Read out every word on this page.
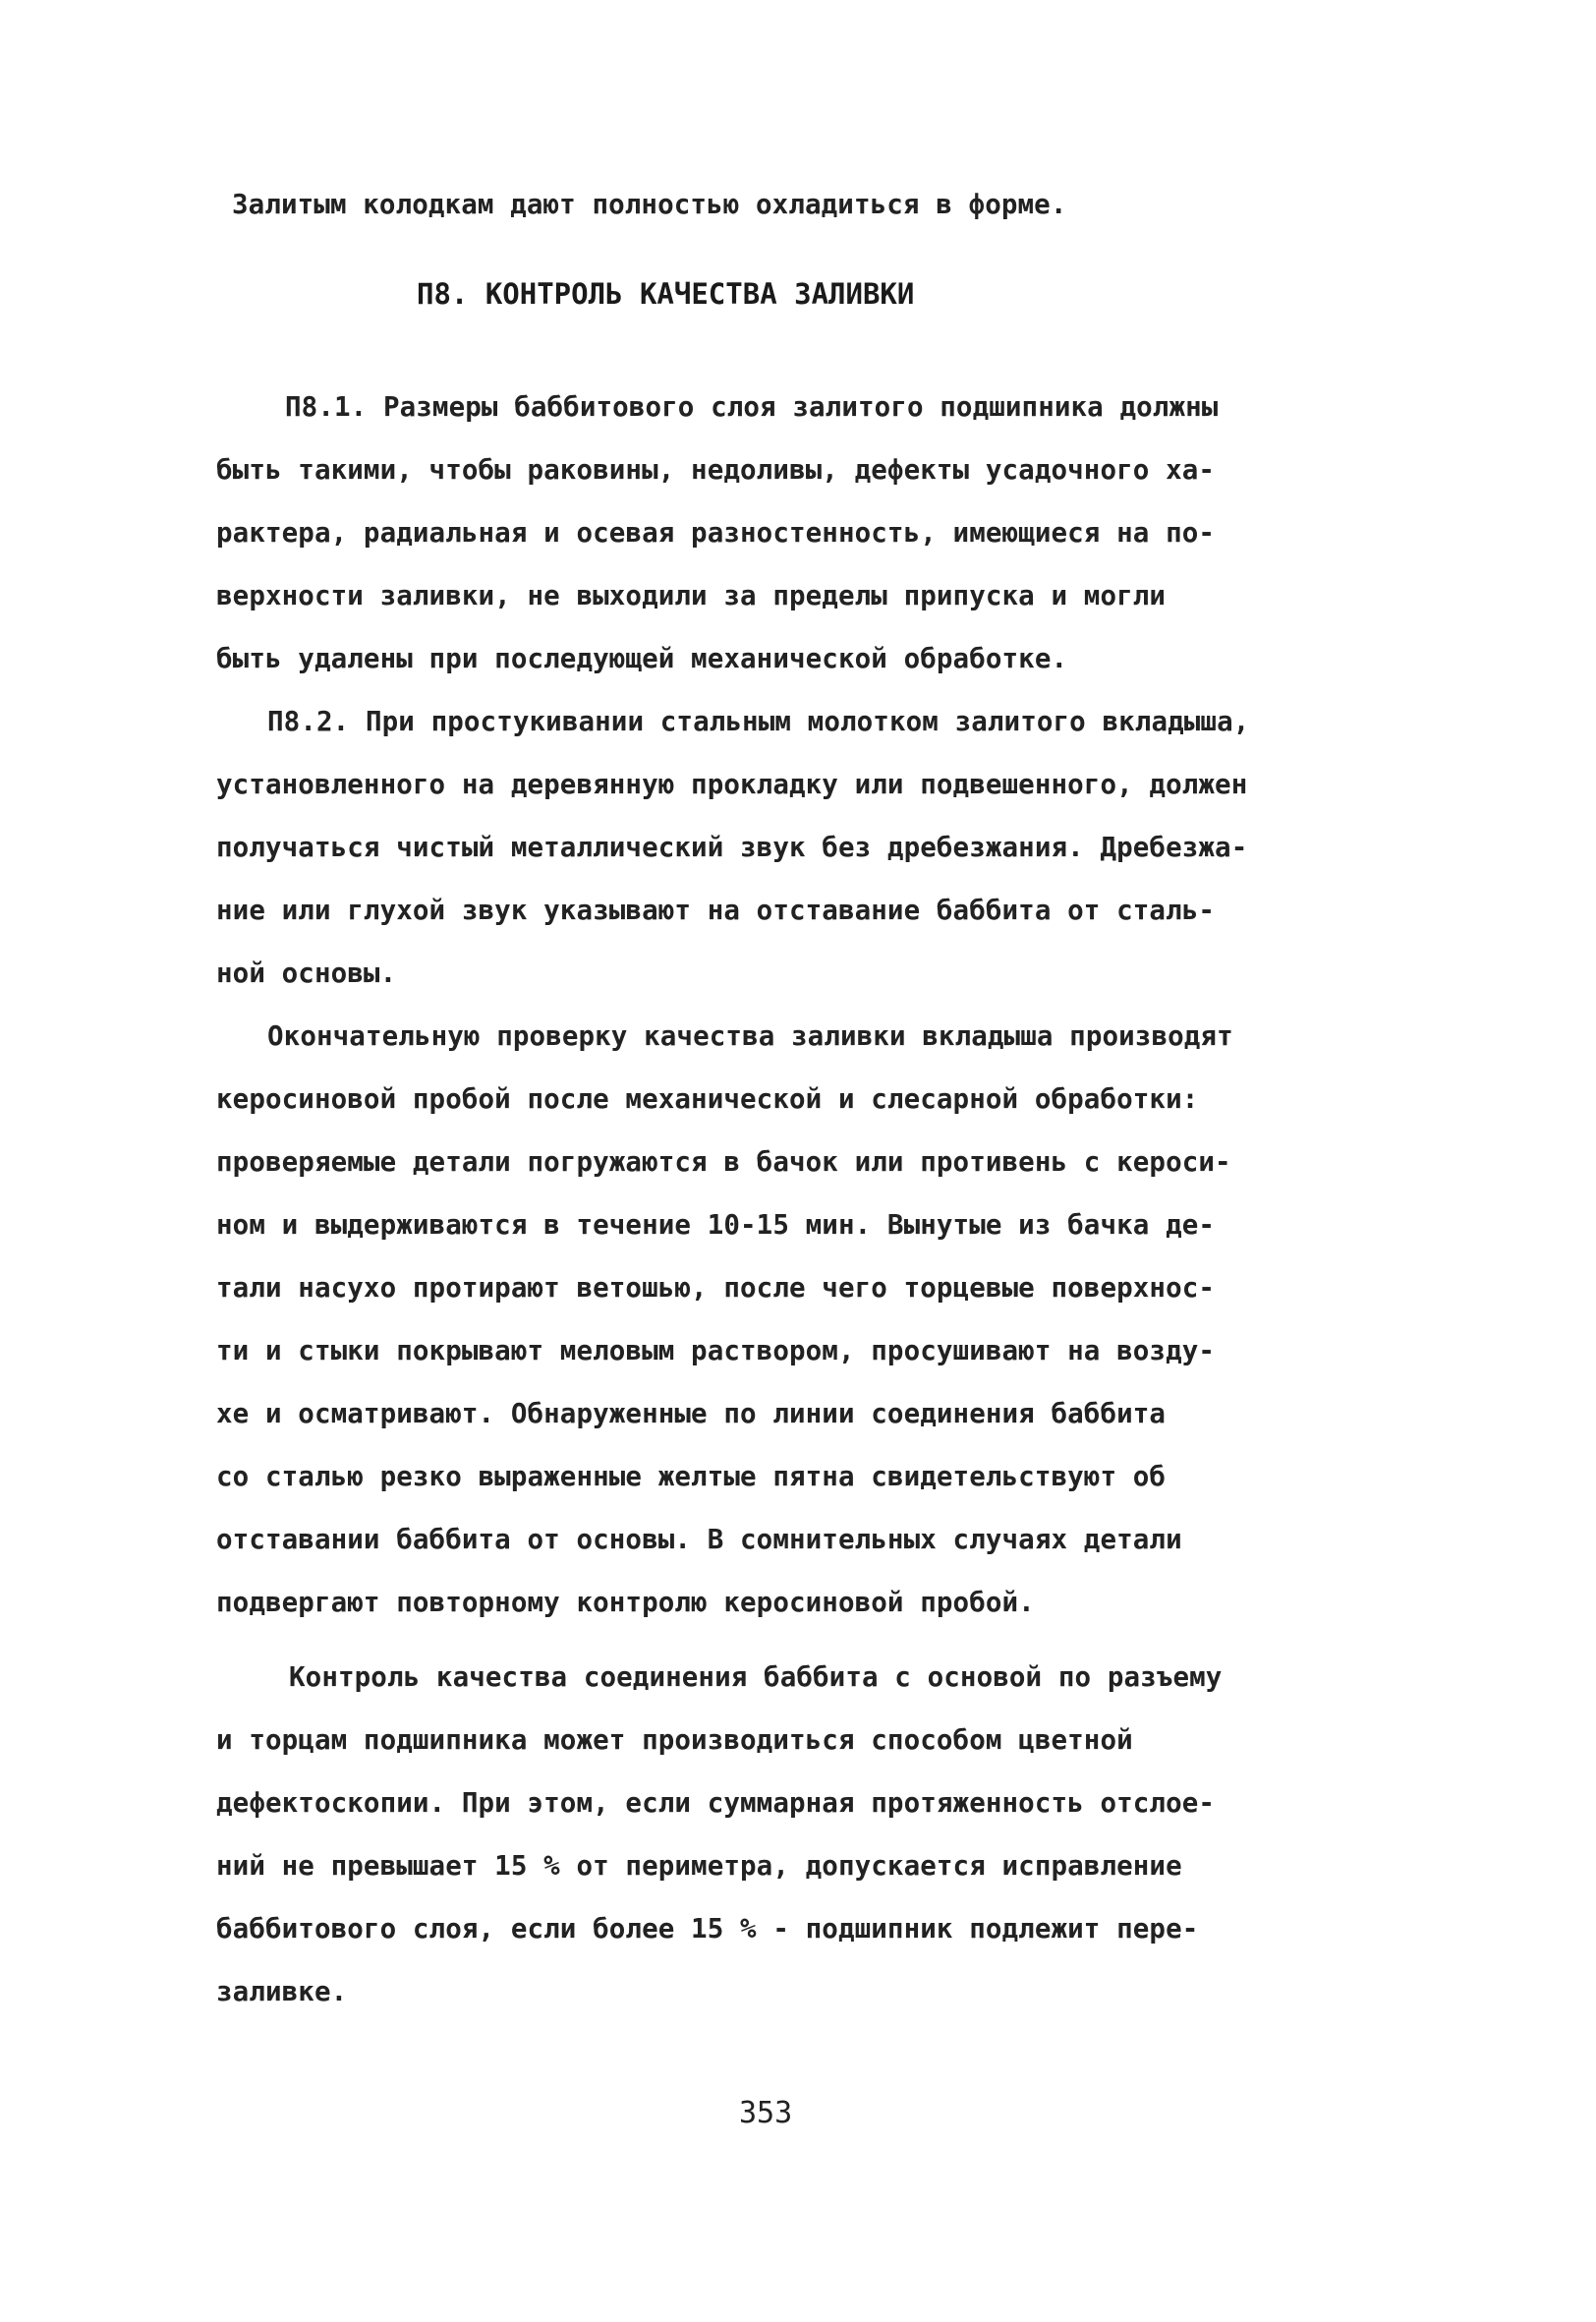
Залитым колодкам дают полностью охладиться в форме.

П8. КОНТРОЛЬ КАЧЕСТВА ЗАЛИВКИ

П8.1. Размеры баббитового слоя залитого подшипника должны

быть такими, чтобы раковины, недоливы, дефекты усадочного ха-

рактера, радиальная и осевая разностенность, имеющиеся на по-

верхности заливки, не выходили за пределы припуска и могли

быть удалены при последующей механической обработке.

П8.2. При простукивании стальным молотком залитого вкладыша,

установленного на деревянную прокладку или подвешенного, должен

получаться чистый металлический звук без дребезжания. Дребезжа-

ние или глухой звук указывают на отставание баббита от сталь-

ной основы.

Окончательную проверку качества заливки вкладыша производят

керосиновой пробой после механической и слесарной обработки:

проверяемые детали погружаются в бачок или противень с кероси-

ном и выдерживаются в течение 10-15 мин. Вынутые из бачка де-

тали насухо протирают ветошью, после чего торцевые поверхнос-

ти и стыки покрывают меловым раствором, просушивают на возду-

хе и осматривают. Обнаруженные по линии соединения баббита

со сталью резко выраженные желтые пятна свидетельствуют об

отставании баббита от основы. В сомнительных случаях детали

подвергают повторному контролю керосиновой пробой.

Контроль качества соединения баббита с основой по разъему

и торцам подшипника может производиться способом цветной

дефектоскопии. При этом, если суммарная протяженность отслое-

ний не превышает 15 % от периметра, допускается исправление

баббитового слоя, если более 15 % - подшипник подлежит пере-

заливке.

353
